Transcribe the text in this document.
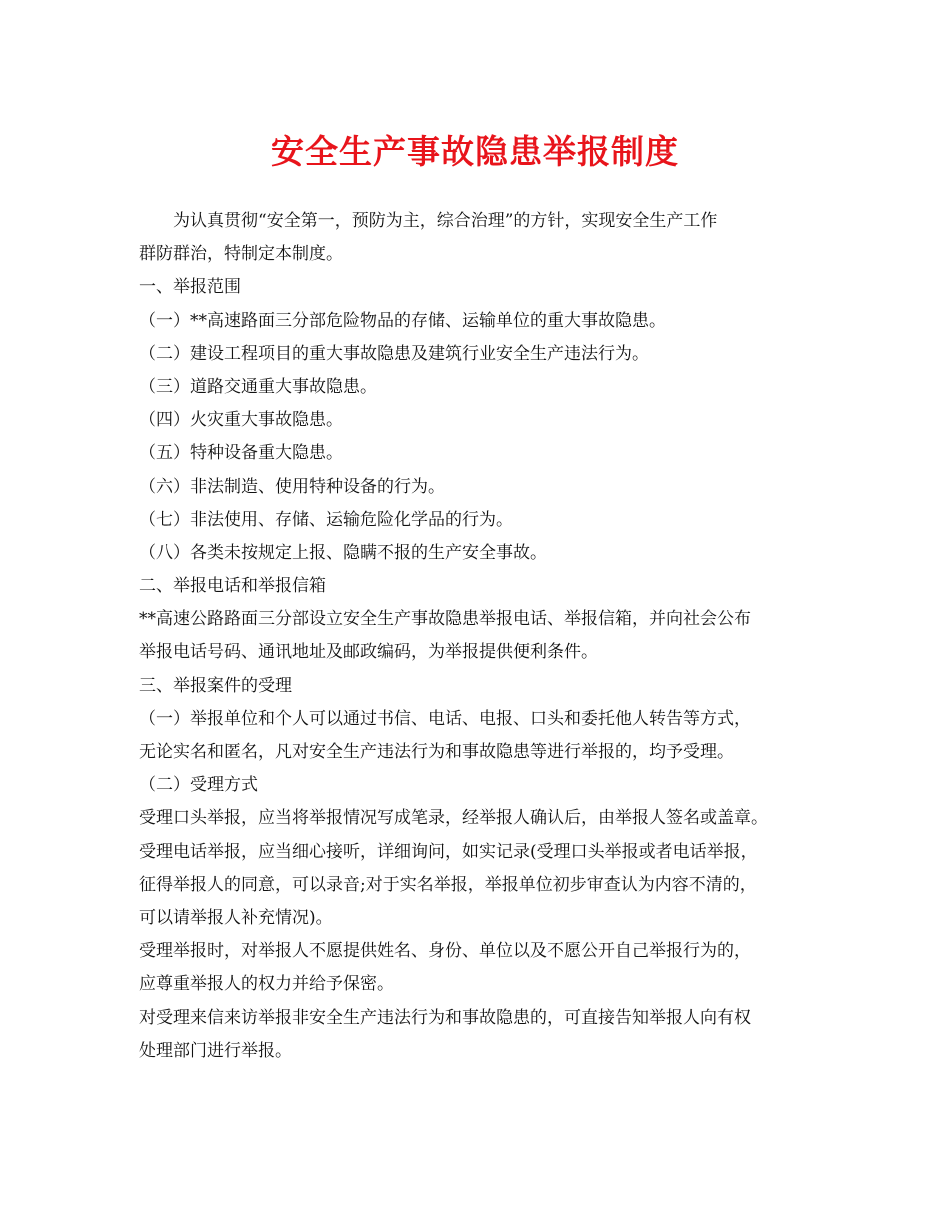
安全生产事故隐患举报制度
为认真贯彻“安全第一，预防为主，综合治理”的方针，实现安全生产工作
群防群治，特制定本制度。
一、举报范围
（一）**高速路面三分部危险物品的存储、运输单位的重大事故隐患。
（二）建设工程项目的重大事故隐患及建筑行业安全生产违法行为。
（三）道路交通重大事故隐患。
（四）火灾重大事故隐患。
（五）特种设备重大隐患。
（六）非法制造、使用特种设备的行为。
（七）非法使用、存储、运输危险化学品的行为。
（八）各类未按规定上报、隐瞒不报的生产安全事故。
二、举报电话和举报信箱
**高速公路路面三分部设立安全生产事故隐患举报电话、举报信箱，并向社会公布
举报电话号码、通讯地址及邮政编码，为举报提供便利条件。
三、举报案件的受理
（一）举报单位和个人可以通过书信、电话、电报、口头和委托他人转告等方式，
无论实名和匿名，凡对安全生产违法行为和事故隐患等进行举报的，均予受理。
（二）受理方式
受理口头举报，应当将举报情况写成笔录，经举报人确认后，由举报人签名或盖章。
受理电话举报，应当细心接听，详细询问，如实记录(受理口头举报或者电话举报，
征得举报人的同意，可以录音;对于实名举报，举报单位初步审查认为内容不清的，
可以请举报人补充情况)。
受理举报时，对举报人不愿提供姓名、身份、单位以及不愿公开自己举报行为的，
应尊重举报人的权力并给予保密。
对受理来信来访举报非安全生产违法行为和事故隐患的，可直接告知举报人向有权
处理部门进行举报。
